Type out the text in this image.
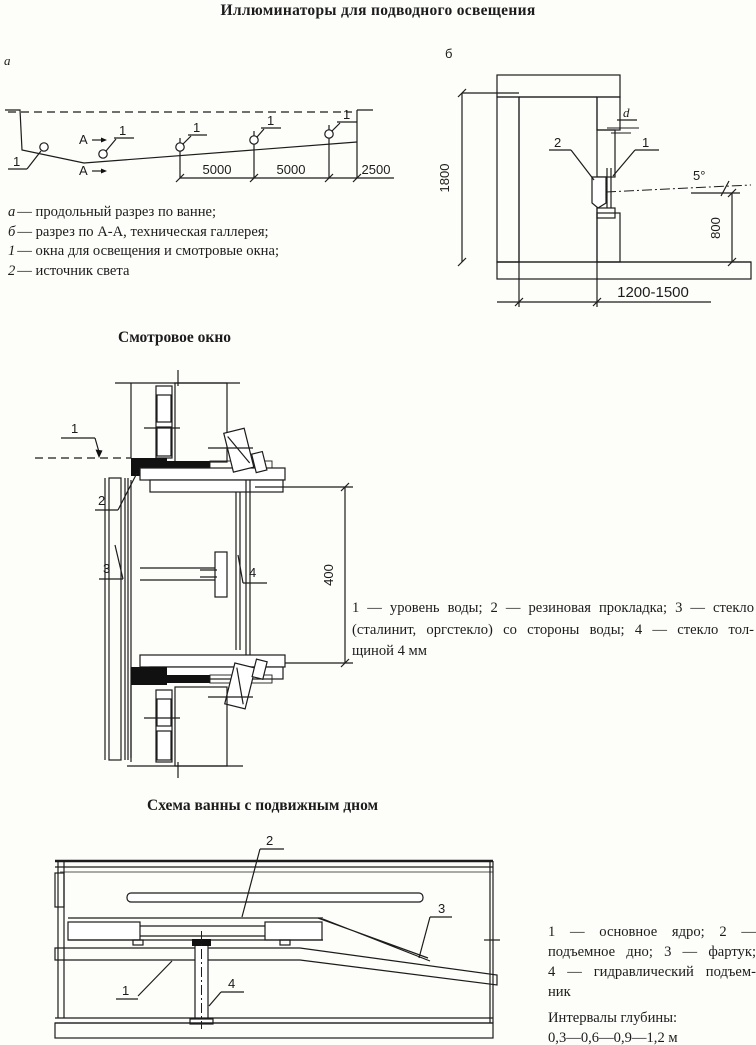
Иллюминаторы для подводного освещения
а
1
1	1	1	1
А
А	5000	5000	2500
б
5°
2	1
d
1800
800
1200-1500
а — продольный разрез по ванне;
б — разрез по А-А, техническая галлерея;
1 — окна для освещения и смотровые окна;
2 — источник света
Смотровое окно
1
2
3	4	400
1 — уровень воды; 2 — резиновая прокладка; 3 — стекло
(сталинит, оргстекло) со стороны воды; 4 — стекло тол-
щиной 4 мм
Схема ванны с подвижным дном
2
3
1	4
1 — основное ядро; 2 —
подъемное дно; 3 — фартук;
4 — гидравлический подъем-
ник
Интервалы глубины:
0,3—0,6—0,9—1,2 м
